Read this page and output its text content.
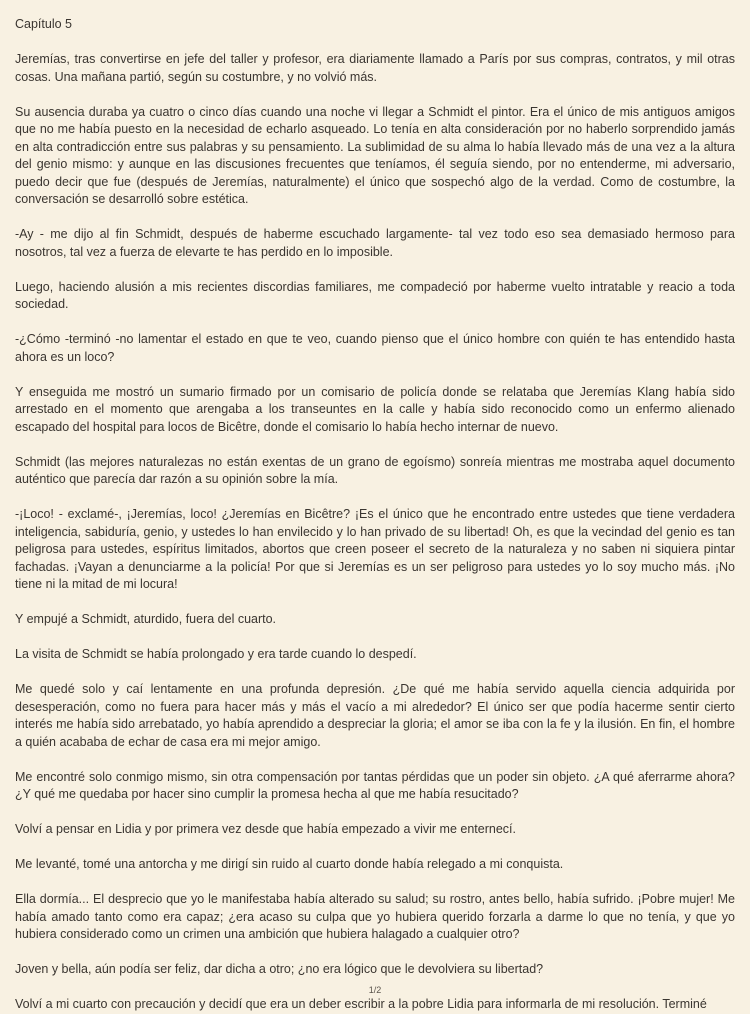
Capítulo 5

Jeremías, tras convertirse en jefe del taller y profesor, era diariamente llamado a París por sus compras, contratos, y mil otras cosas. Una mañana partió, según su costumbre, y no volvió más.

Su ausencia duraba ya cuatro o cinco días cuando una noche vi llegar a Schmidt el pintor. Era el único de mis antiguos amigos que no me había puesto en la necesidad de echarlo asqueado. Lo tenía en alta consideración por no haberlo sorprendido jamás en alta contradicción entre sus palabras y su pensamiento. La sublimidad de su alma lo había llevado más de una vez a la altura del genio mismo: y aunque en las discusiones frecuentes que teníamos, él seguía siendo, por no entenderme, mi adversario, puedo decir que fue (después de Jeremías, naturalmente) el único que sospechó algo de la verdad. Como de costumbre, la conversación se desarrolló sobre estética.

-Ay - me dijo al fin Schmidt, después de haberme escuchado largamente- tal vez todo eso sea demasiado hermoso para nosotros, tal vez a fuerza de elevarte te has perdido en lo imposible.

Luego, haciendo alusión a mis recientes discordias familiares, me compadeció por haberme vuelto intratable y reacio a toda sociedad.

-¿Cómo -terminó -no lamentar el estado en que te veo, cuando pienso que el único hombre con quién te has entendido hasta ahora es un loco?

Y enseguida me mostró un sumario firmado por un comisario de policía donde se relataba que Jeremías Klang había sido arrestado en el momento que arengaba a los transeuntes en la calle y había sido reconocido como un enfermo alienado escapado del hospital para locos de Bicêtre, donde el comisario lo había hecho internar de nuevo.

Schmidt (las mejores naturalezas no están exentas de un grano de egoísmo) sonreía mientras me mostraba aquel documento auténtico que parecía dar razón a su opinión sobre la mía.

-¡Loco! - exclamé-, ¡Jeremías, loco! ¿Jeremías en Bicêtre? ¡Es el único que he encontrado entre ustedes que tiene verdadera inteligencia, sabiduría, genio, y ustedes lo han envilecido y lo han privado de su libertad! Oh, es que la vecindad del genio es tan peligrosa para ustedes, espíritus limitados, abortos que creen poseer el secreto de la naturaleza y no saben ni siquiera pintar fachadas. ¡Vayan a denunciarme a la policía! Por que si Jeremías es un ser peligroso para ustedes yo lo soy mucho más. ¡No tiene ni la mitad de mi locura!

Y empujé a Schmidt, aturdido, fuera del cuarto.

La visita de Schmidt se había prolongado y era tarde cuando lo despedí.

Me quedé solo y caí lentamente en una profunda depresión. ¿De qué me había servido aquella ciencia adquirida por desesperación, como no fuera para hacer más y más el vacío a mi alrededor? El único ser que podía hacerme sentir cierto interés me había sido arrebatado, yo había aprendido a despreciar la gloria; el amor se iba con la fe y la ilusión. En fin, el hombre a quién acababa de echar de casa era mi mejor amigo.

Me encontré solo conmigo mismo, sin otra compensación por tantas pérdidas que un poder sin objeto. ¿A qué aferrarme ahora? ¿Y qué me quedaba por hacer sino cumplir la promesa hecha al que me había resucitado?

Volví a pensar en Lidia y por primera vez desde que había empezado a vivir me enternecí.

Me levanté, tomé una antorcha y me dirigí sin ruido al cuarto donde había relegado a mi conquista.

Ella dormía... El desprecio que yo le manifestaba había alterado su salud; su rostro, antes bello, había sufrido. ¡Pobre mujer! Me había amado tanto como era capaz; ¿era acaso su culpa que yo hubiera querido forzarla a darme lo que no tenía, y que yo hubiera considerado como un crimen una ambición que hubiera halagado a cualquier otro?

Joven y bella, aún podía ser feliz, dar dicha a otro; ¿no era lógico que le devolviera su libertad?

Volví a mi cuarto con precaución y decidí que era un deber escribir a la pobre Lidia para informarla de mi resolución. Terminé

1/2
